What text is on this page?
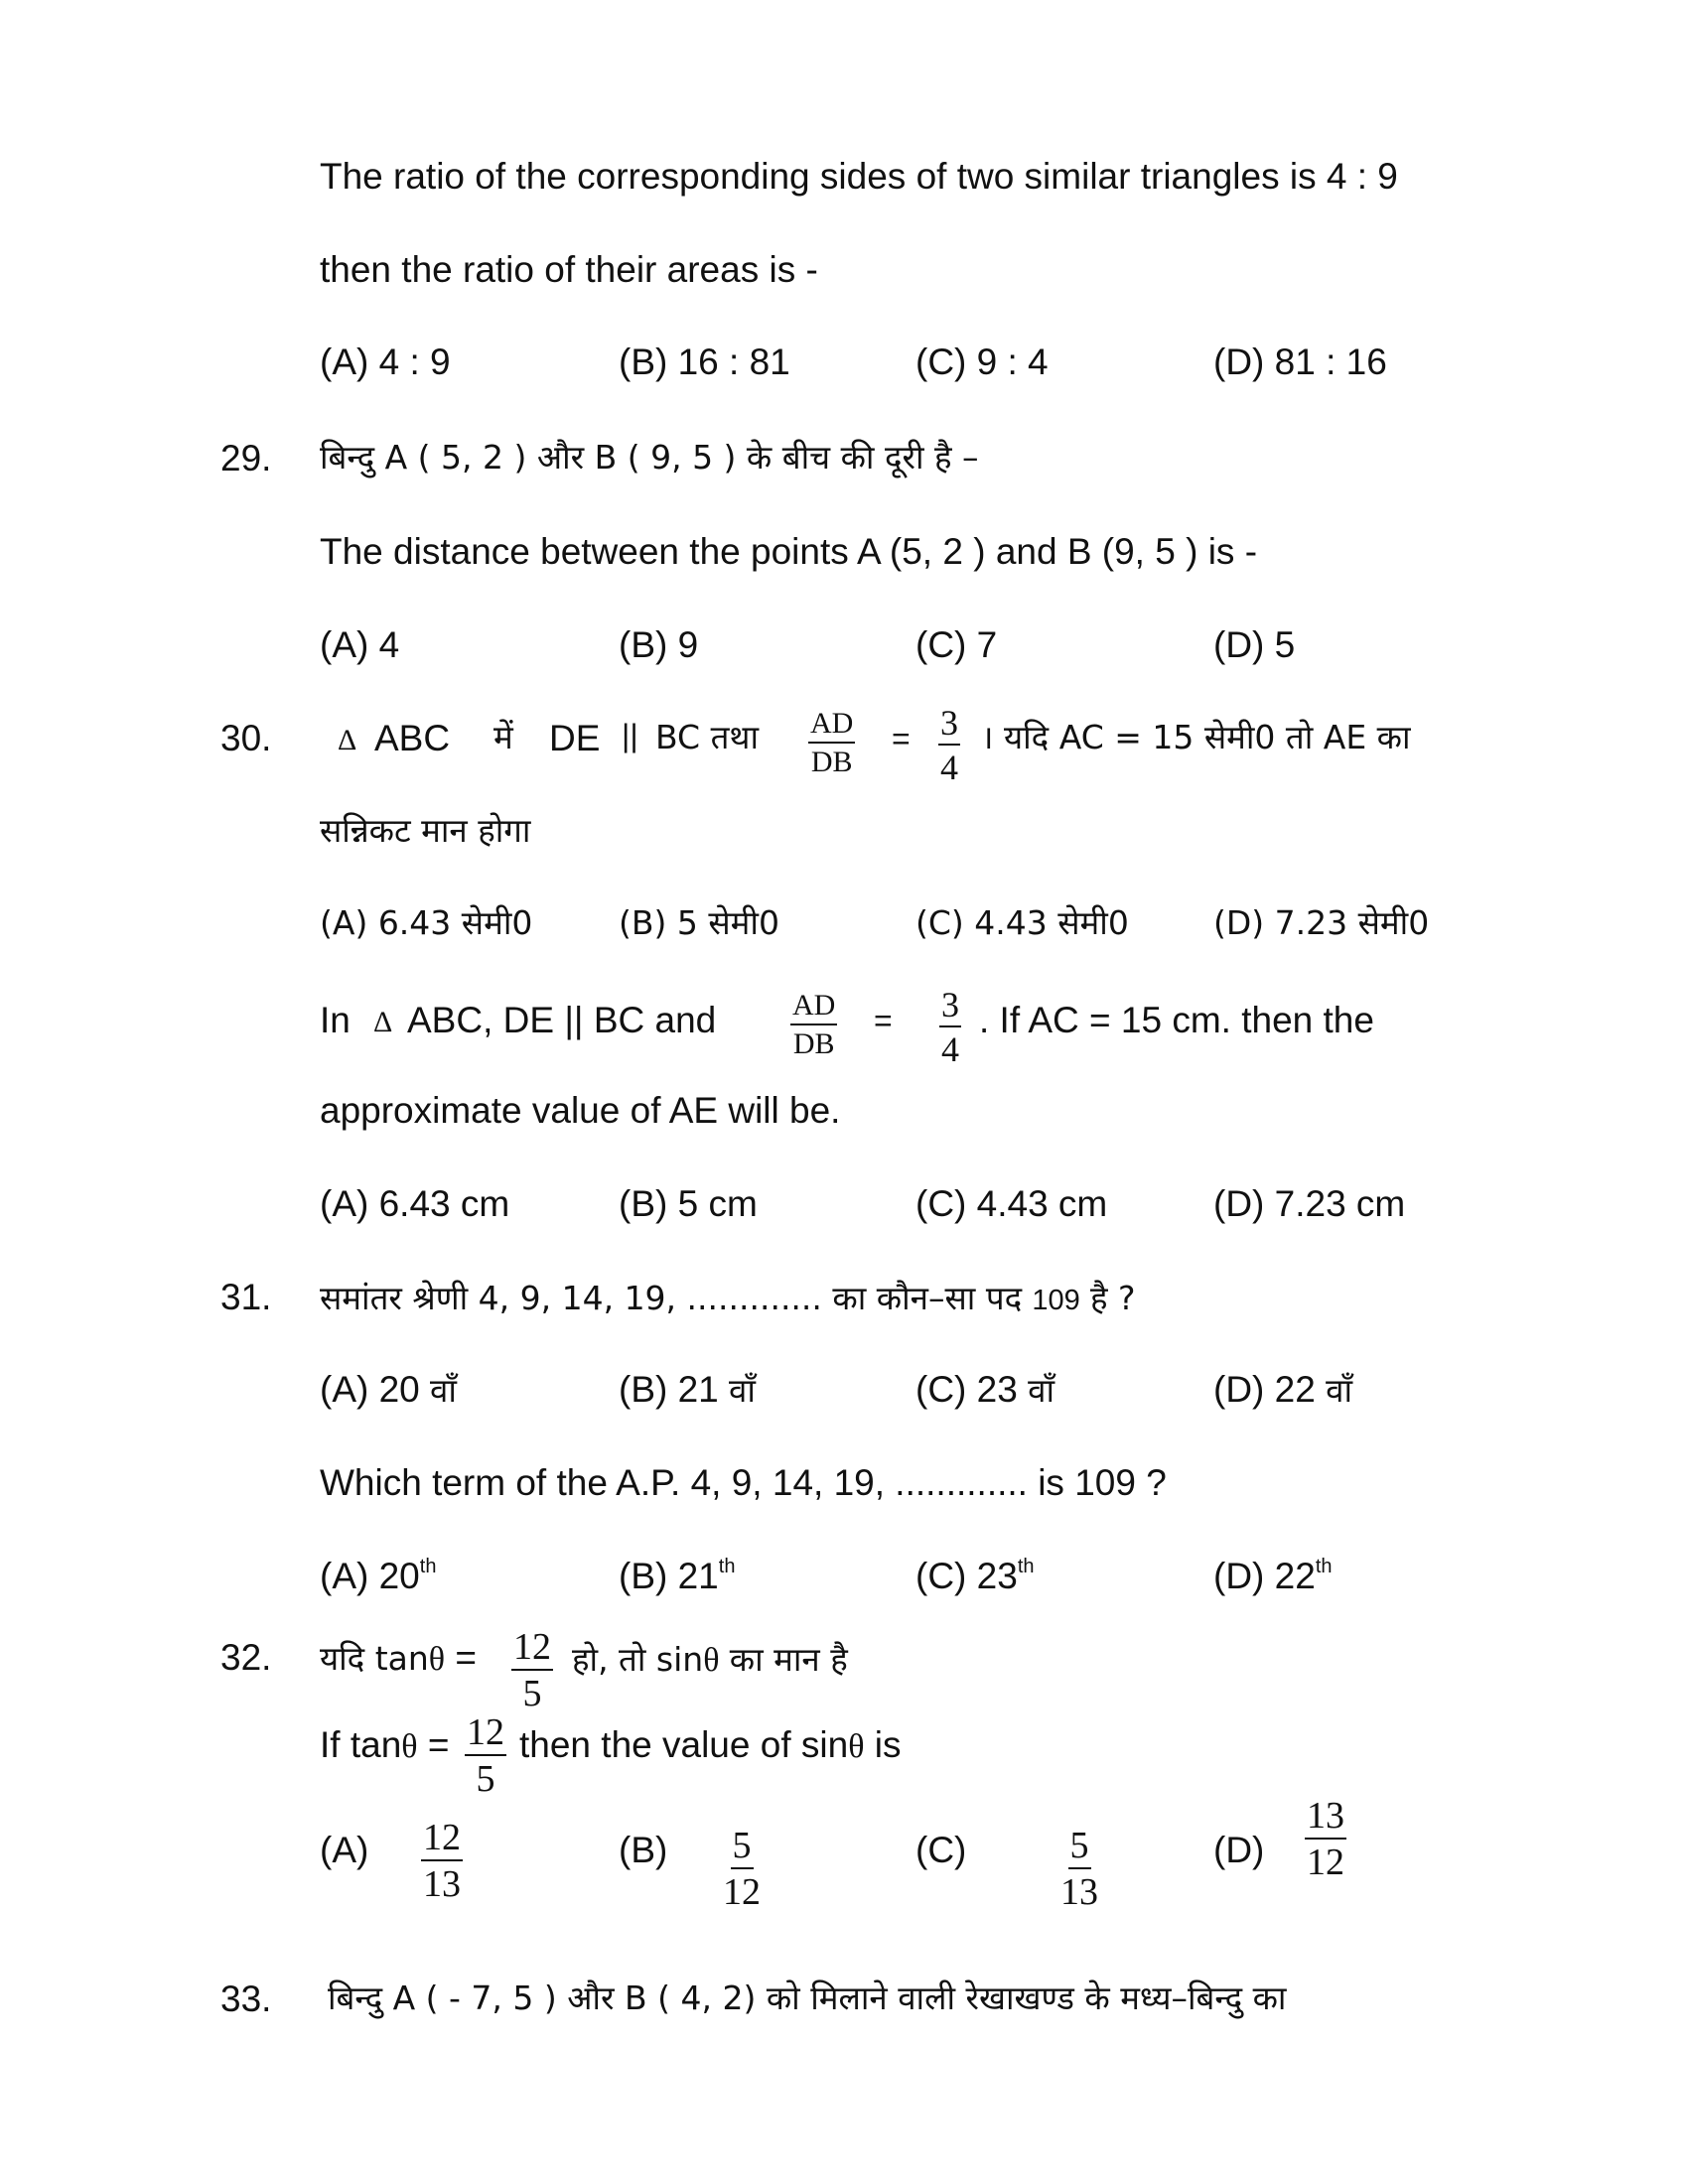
The ratio of the corresponding sides of two similar triangles is 4 : 9
then the ratio of their areas is -
(A) 4 : 9	(B) 16 : 81	(C) 9 : 4	(D) 81 : 16
29. बिन्दु A ( 5, 2 ) और B ( 9, 5 ) के बीच की दूरी है –
The distance between the points A (5, 2 ) and B (9, 5 ) is -
(A) 4	(B) 9	(C) 7	(D) 5
30. Δ ABC में DE || BC तथा $\frac{AD}{DB} = \frac{3}{4}$ । यदि AC = 15 सेमी0 तो AE का
सन्निकट मान होगा
(A) 6.43 सेमी0	(B) 5 सेमी0	(C) 4.43 सेमी0	(D) 7.23 सेमी0
In Δ ABC, DE || BC and $\frac{AD}{DB} = \frac{3}{4}$ . If AC = 15 cm. then the
approximate value of AE will be.
(A) 6.43 cm	(B) 5 cm	(C) 4.43 cm	(D) 7.23 cm
31. समांतर श्रेणी 4, 9, 14, 19, ............. का कौन–सा पद 109 है ?
(A) 20 वाँ	(B) 21 वाँ	(C) 23 वाँ	(D) 22 वाँ
Which term of the A.P. 4, 9, 14, 19, ............. is 109 ?
(A) 20th	(B) 21th	(C) 23th	(D) 22th
32. यदि $\tan\theta = \frac{12}{5}$ हो, तो sinθ का मान है
If $\tan\theta = \frac{12}{5}$ then the value of sinθ is
$(A) \frac{12}{13}$	$(B) \frac{5}{12}$	$(C) \frac{5}{13}$	$(D) \frac{13}{12}$
33. बिन्दु A ( - 7, 5 ) और B ( 4, 2) को मिलाने वाली रेखाखण्ड के मध्य–बिन्दु का
